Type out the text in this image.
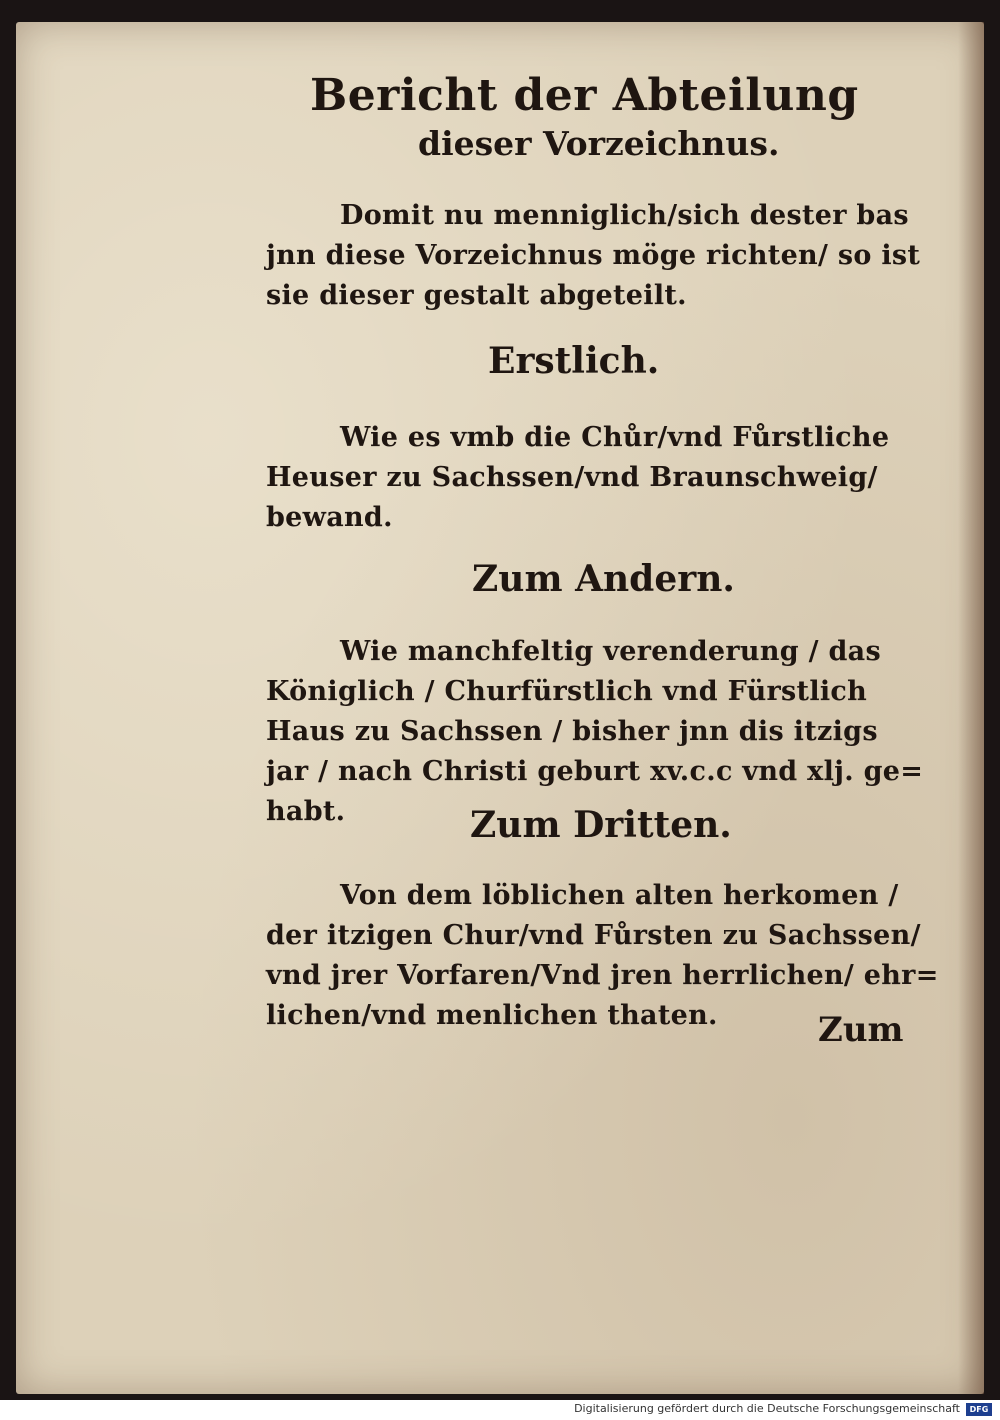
Bericht der Abteilung
dieser Vorzeichnus.
Domit nu menniglich/sich dester bas
jnn diese Vorzeichnus möge richten/ so ist
sie dieser gestalt abgeteilt.
Erstlich.
Wie es vmb die Chůr/vnd Fůrstliche
Heuser zu Sachssen/vnd Braunschweig/
bewand.
Zum Andern.
Wie manchfeltig verenderung / das
Königlich / Churfürstlich vnd Fürstlich
Haus zu Sachssen / bisher jnn dis itzigs
jar / nach Christi geburt xv.c.c vnd xlj. ge=
habt.	Zum Dritten.
Von dem löblichen alten herkomen /
der itzigen Chur/vnd Fůrsten zu Sachssen/
vnd jrer Vorfaren/Vnd jren herrlichen/ ehr=
lichen/vnd menlichen thaten.	Zum
Digitalisierung gefördert durch die Deutsche Forschungsgemeinschaft	DFG
